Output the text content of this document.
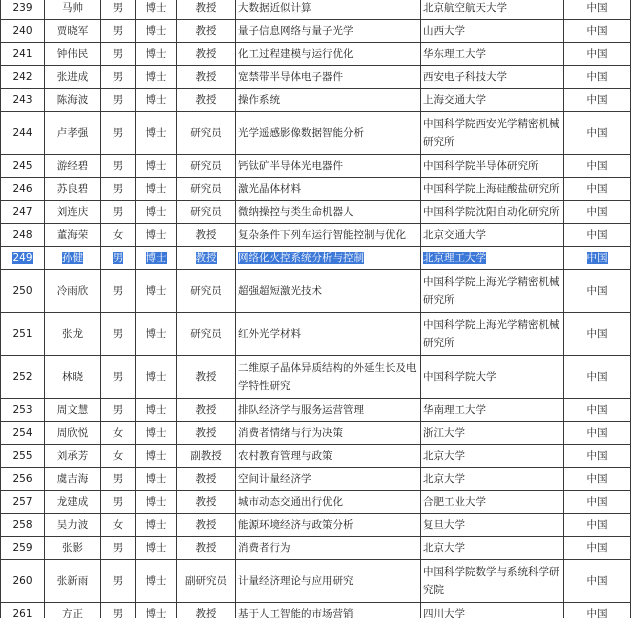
239	马帅	男	博士	教授	大数据近似计算	北京航空航天大学	中国
240	贾晓军	男	博士	教授	量子信息网络与量子光学	山西大学	中国
241	钟伟民	男	博士	教授	化工过程建模与运行优化	华东理工大学	中国
242	张进成	男	博士	教授	宽禁带半导体电子器件	西安电子科技大学	中国
243	陈海波	男	博士	教授	操作系统	上海交通大学	中国
244	卢孝强	男	博士	研究员	光学遥感影像数据智能分析	中国科学院西安光学精密机械研究所	中国
245	游经碧	男	博士	研究员	钙钛矿半导体光电器件	中国科学院半导体研究所	中国
246	苏良碧	男	博士	研究员	激光晶体材料	中国科学院上海硅酸盐研究所	中国
247	刘连庆	男	博士	研究员	微纳操控与类生命机器人	中国科学院沈阳自动化研究所	中国
248	董海荣	女	博士	教授	复杂条件下列车运行智能控制与优化	北京交通大学	中国
249	孙健	男	博士	教授	网络化火控系统分析与控制	北京理工大学	中国
250	冷雨欣	男	博士	研究员	超强超短激光技术	中国科学院上海光学精密机械研究所	中国
251	张龙	男	博士	研究员	红外光学材料	中国科学院上海光学精密机械研究所	中国
252	林晓	男	博士	教授	二维原子晶体异质结构的外延生长及电学特性研究	中国科学院大学	中国
253	周文慧	男	博士	教授	排队经济学与服务运营管理	华南理工大学	中国
254	周欣悦	女	博士	教授	消费者情绪与行为决策	浙江大学	中国
255	刘承芳	女	博士	副教授	农村教育管理与政策	北京大学	中国
256	虞吉海	男	博士	教授	空间计量经济学	北京大学	中国
257	龙建成	男	博士	教授	城市动态交通出行优化	合肥工业大学	中国
258	吴力波	女	博士	教授	能源环境经济与政策分析	复旦大学	中国
259	张影	男	博士	教授	消费者行为	北京大学	中国
260	张新雨	男	博士	副研究员	计量经济理论与应用研究	中国科学院数学与系统科学研究院	中国
261	方正	男	博士	教授	基于人工智能的市场营销	四川大学	中国
